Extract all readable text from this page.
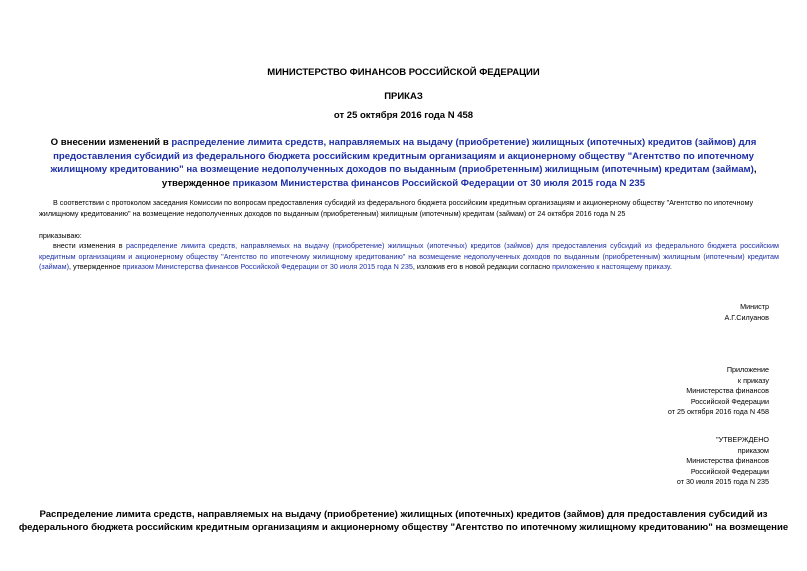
МИНИСТЕРСТВО ФИНАНСОВ РОССИЙСКОЙ ФЕДЕРАЦИИ
ПРИКАЗ
от 25 октября 2016 года N 458
О внесении изменений в распределение лимита средств, направляемых на выдачу (приобретение) жилищных (ипотечных) кредитов (займов) для предоставления субсидий из федерального бюджета российским кредитным организациям и акционерному обществу "Агентство по ипотечному жилищному кредитованию" на возмещение недополученных доходов по выданным (приобретенным) жилищным (ипотечным) кредитам (займам), утвержденное приказом Министерства финансов Российской Федерации от 30 июля 2015 года N 235
В соответствии с протоколом заседания Комиссии по вопросам предоставления субсидий из федерального бюджета российским кредитным организациям и акционерному обществу "Агентство по ипотечному жилищному кредитованию" на возмещение недополученных доходов по выданным (приобретенным) жилищным (ипотечным) кредитам (займам) от 24 октября 2016 года N 25
приказываю:
внести изменения в распределение лимита средств, направляемых на выдачу (приобретение) жилищных (ипотечных) кредитов (займов) для предоставления субсидий из федерального бюджета российским кредитным организациям и акционерному обществу "Агентство по ипотечному жилищному кредитованию" на возмещение недополученных доходов по выданным (приобретенным) жилищным (ипотечным) кредитам (займам), утвержденное приказом Министерства финансов Российской Федерации от 30 июля 2015 года N 235, изложив его в новой редакции согласно приложению к настоящему приказу.
Министр
А.Г.Силуанов
Приложение
к приказу
Министерства финансов
Российской Федерации
от 25 октября 2016 года N 458
"УТВЕРЖДЕНО
приказом
Министерства финансов
Российской Федерации
от 30 июля 2015 года N 235
Распределение лимита средств, направляемых на выдачу (приобретение) жилищных (ипотечных) кредитов (займов) для предоставления субсидий из
федерального бюджета российским кредитным организациям и акционерному обществу "Агентство по ипотечному жилищному кредитованию" на возмещение
